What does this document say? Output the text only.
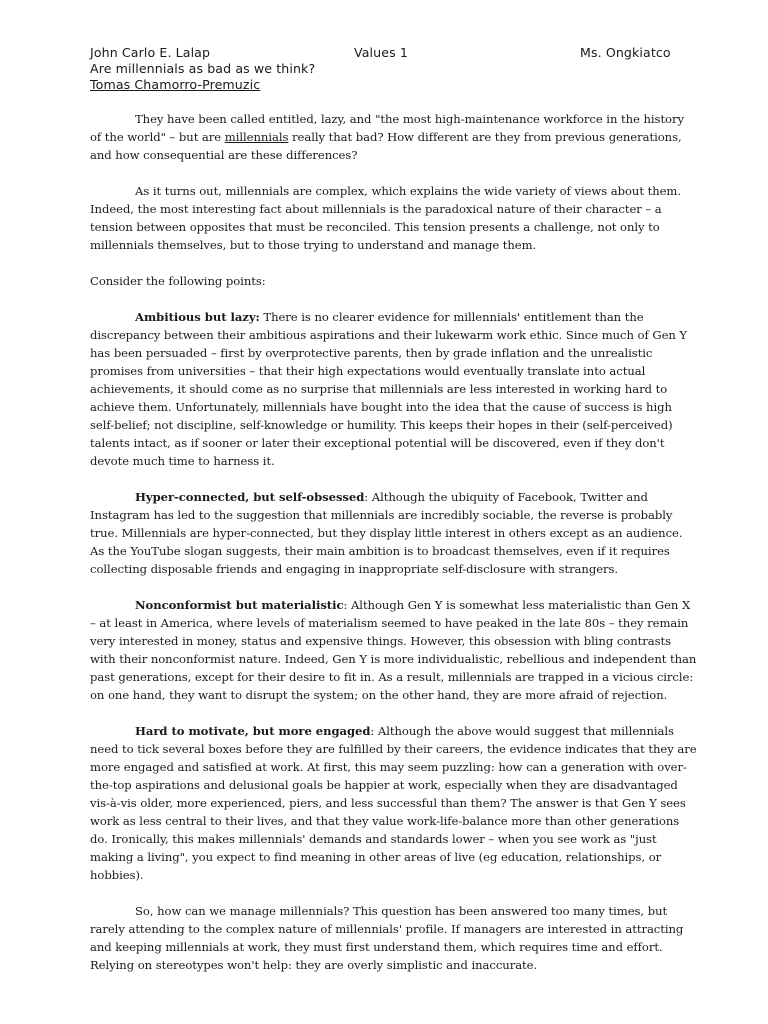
John Carlo E. Lalap	Values 1	Ms. Ongkiatco
Are millennials as bad as we think?
Tomas Chamorro-Premuzic

They have been called entitled, lazy, and "the most high-maintenance workforce in the history of the world" – but are millennials really that bad? How different are they from previous generations, and how consequential are these differences?

As it turns out, millennials are complex, which explains the wide variety of views about them. Indeed, the most interesting fact about millennials is the paradoxical nature of their character – a tension between opposites that must be reconciled. This tension presents a challenge, not only to millennials themselves, but to those trying to understand and manage them.

Consider the following points:

Ambitious but lazy: There is no clearer evidence for millennials' entitlement than the discrepancy between their ambitious aspirations and their lukewarm work ethic. Since much of Gen Y has been persuaded – first by overprotective parents, then by grade inflation and the unrealistic promises from universities – that their high expectations would eventually translate into actual achievements, it should come as no surprise that millennials are less interested in working hard to achieve them. Unfortunately, millennials have bought into the idea that the cause of success is high self-belief; not discipline, self-knowledge or humility. This keeps their hopes in their (self-perceived) talents intact, as if sooner or later their exceptional potential will be discovered, even if they don't devote much time to harness it.

Hyper-connected, but self-obsessed: Although the ubiquity of Facebook, Twitter and Instagram has led to the suggestion that millennials are incredibly sociable, the reverse is probably true. Millennials are hyper-connected, but they display little interest in others except as an audience. As the YouTube slogan suggests, their main ambition is to broadcast themselves, even if it requires collecting disposable friends and engaging in inappropriate self-disclosure with strangers.

Nonconformist but materialistic: Although Gen Y is somewhat less materialistic than Gen X – at least in America, where levels of materialism seemed to have peaked in the late 80s – they remain very interested in money, status and expensive things. However, this obsession with bling contrasts with their nonconformist nature. Indeed, Gen Y is more individualistic, rebellious and independent than past generations, except for their desire to fit in. As a result, millennials are trapped in a vicious circle: on one hand, they want to disrupt the system; on the other hand, they are more afraid of rejection.

Hard to motivate, but more engaged: Although the above would suggest that millennials need to tick several boxes before they are fulfilled by their careers, the evidence indicates that they are more engaged and satisfied at work. At first, this may seem puzzling: how can a generation with over-the-top aspirations and delusional goals be happier at work, especially when they are disadvantaged vis-à-vis older, more experienced, piers, and less successful than them? The answer is that Gen Y sees work as less central to their lives, and that they value work-life-balance more than other generations do. Ironically, this makes millennials' demands and standards lower – when you see work as "just making a living", you expect to find meaning in other areas of live (eg education, relationships, or hobbies).

So, how can we manage millennials? This question has been answered too many times, but rarely attending to the complex nature of millennials' profile. If managers are interested in attracting and keeping millennials at work, they must first understand them, which requires time and effort. Relying on stereotypes won't help: they are overly simplistic and inaccurate.
